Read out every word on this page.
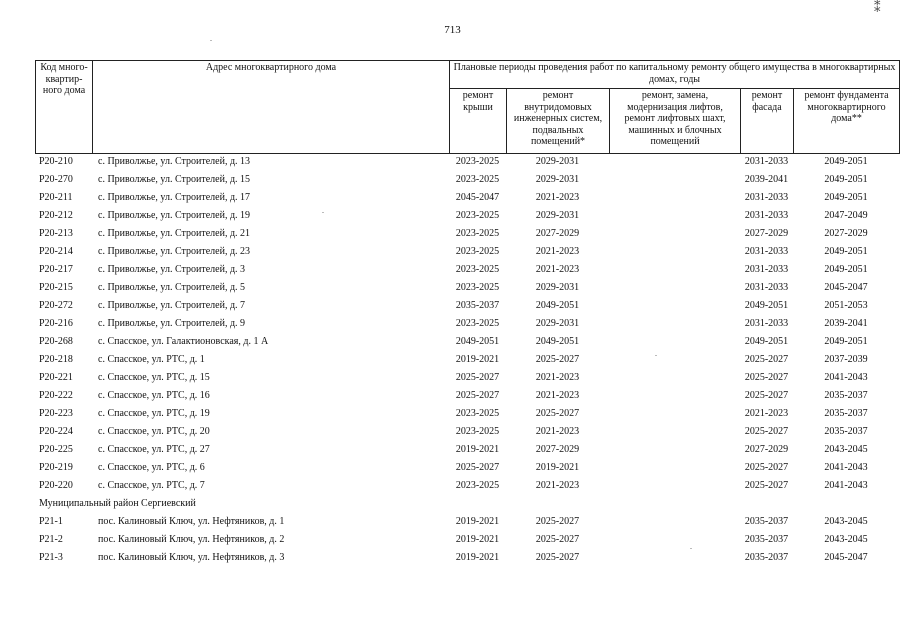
713
⁑
Код много-квартир-ного дома	Адрес многоквартирного дома	Плановые периоды проведения работ по капитальному ремонту общего имущества в многоквартирных домах, годы				
		ремонт крыши	ремонт внутридомовых инженерных систем, подвальных помещений*	ремонт, замена, модернизация лифтов, ремонт лифтовых шахт, машинных и блочных помещений	ремонт фасада	ремонт фундамента многоквартирного дома**
Р20-210	с. Приволжье, ул. Строителей, д. 13	2023-2025	2029-2031		2031-2033	2049-2051
Р20-270	с. Приволжье, ул. Строителей, д. 15	2023-2025	2029-2031		2039-2041	2049-2051
Р20-211	с. Приволжье, ул. Строителей, д. 17	2045-2047	2021-2023		2031-2033	2049-2051
Р20-212	с. Приволжье, ул. Строителей, д. 19	2023-2025	2029-2031		2031-2033	2047-2049
Р20-213	с. Приволжье, ул. Строителей, д. 21	2023-2025	2027-2029		2027-2029	2027-2029
Р20-214	с. Приволжье, ул. Строителей, д. 23	2023-2025	2021-2023		2031-2033	2049-2051
Р20-217	с. Приволжье, ул. Строителей, д. 3	2023-2025	2021-2023		2031-2033	2049-2051
Р20-215	с. Приволжье, ул. Строителей, д. 5	2023-2025	2029-2031		2031-2033	2045-2047
Р20-272	с. Приволжье, ул. Строителей, д. 7	2035-2037	2049-2051		2049-2051	2051-2053
Р20-216	с. Приволжье, ул. Строителей, д. 9	2023-2025	2029-2031		2031-2033	2039-2041
Р20-268	с. Спасское, ул. Галактионовская, д. 1 А	2049-2051	2049-2051		2049-2051	2049-2051
Р20-218	с. Спасское, ул. РТС, д. 1	2019-2021	2025-2027		2025-2027	2037-2039
Р20-221	с. Спасское, ул. РТС, д. 15	2025-2027	2021-2023		2025-2027	2041-2043
Р20-222	с. Спасское, ул. РТС, д. 16	2025-2027	2021-2023		2025-2027	2035-2037
Р20-223	с. Спасское, ул. РТС, д. 19	2023-2025	2025-2027		2021-2023	2035-2037
Р20-224	с. Спасское, ул. РТС, д. 20	2023-2025	2021-2023		2025-2027	2035-2037
Р20-225	с. Спасское, ул. РТС, д. 27	2019-2021	2027-2029		2027-2029	2043-2045
Р20-219	с. Спасское, ул. РТС, д. 6	2025-2027	2019-2021		2025-2027	2041-2043
Р20-220	с. Спасское, ул. РТС, д. 7	2023-2025	2021-2023		2025-2027	2041-2043
Муниципальный район Сергиевский						
Р21-1	пос. Калиновый Ключ, ул. Нефтяников, д. 1	2019-2021	2025-2027		2035-2037	2043-2045
Р21-2	пос. Калиновый Ключ, ул. Нефтяников, д. 2	2019-2021	2025-2027		2035-2037	2043-2045
Р21-3	пос. Калиновый Ключ, ул. Нефтяников, д. 3	2019-2021	2025-2027		2035-2037	2045-2047
